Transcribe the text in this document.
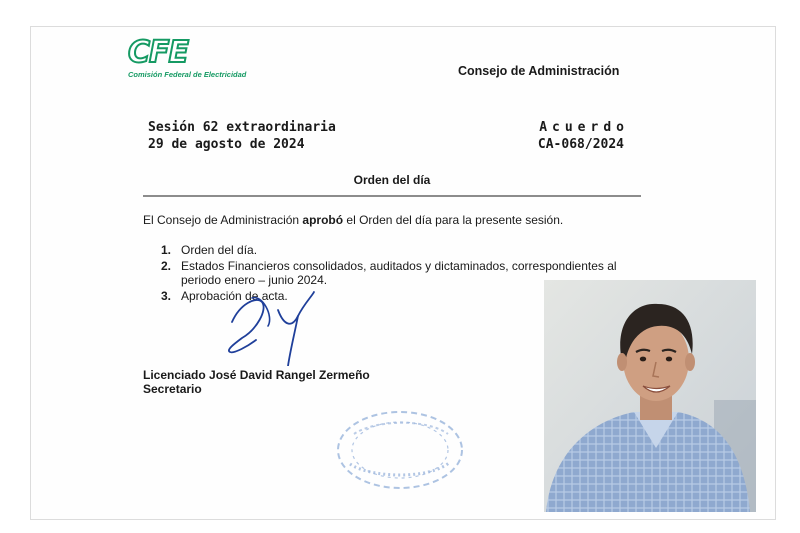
CFE
Comisión Federal de Electricidad	Consejo de Administración
Sesión 62 extraordinaria
29 de agosto de 2024
Acuerdo
CA-068/2024
Orden del día
El Consejo de Administración aprobó el Orden del día para la presente sesión.
1. Orden del día.
2. Estados Financieros consolidados, auditados y dictaminados, correspondientes al periodo enero – junio 2024.
3. Aprobación de acta.
Licenciado José David Rangel Zermeño
Secretario
